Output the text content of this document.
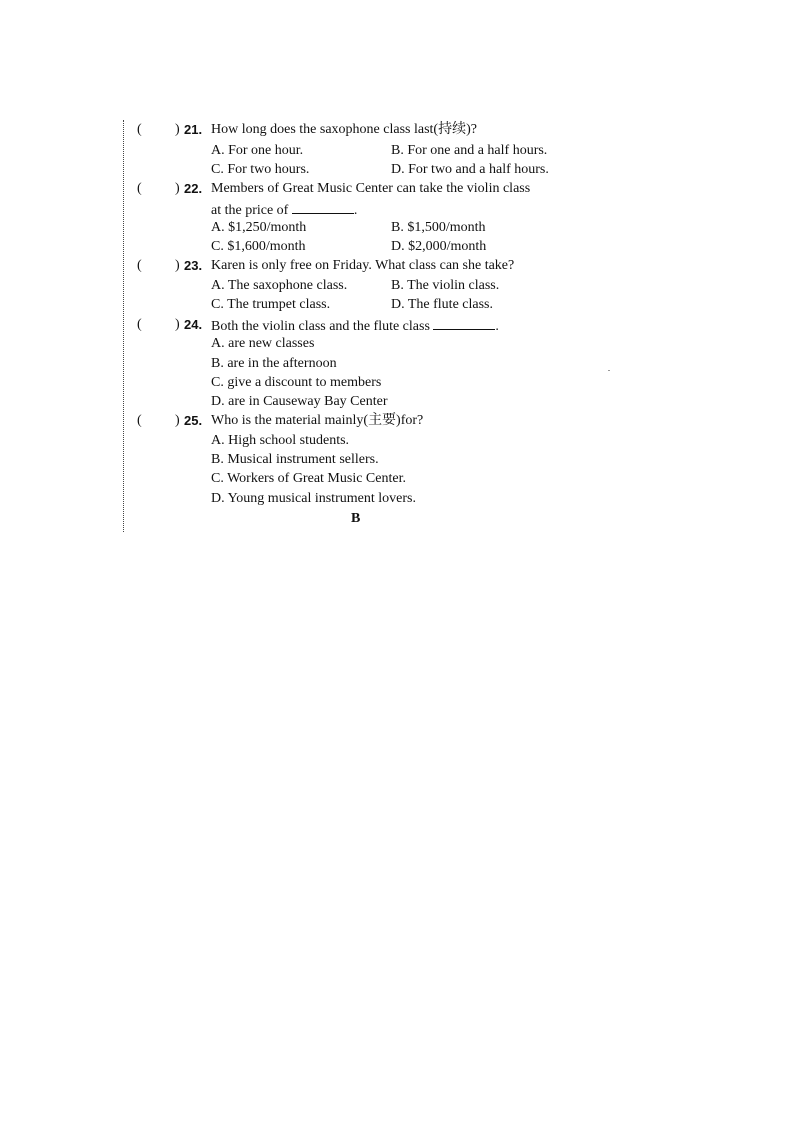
( ) 21. How long does the saxophone class last(持续)?
A. For one hour.	B. For one and a half hours.
C. For two hours.	D. For two and a half hours.
( ) 22. Members of Great Music Center can take the violin class
at the price of	.
A. $1,250/month	B. $1,500/month
C. $1,600/month	D. $2,000/month
( ) 23. Karen is only free on Friday. What class can she take?
A. The saxophone class.	B. The violin class.
C. The trumpet class.	D. The flute class.
( ) 24. Both the violin class and the flute class	.
A. are new classes
B. are in the afternoon
C. give a discount to members
D. are in Causeway Bay Center
( ) 25. Who is the material mainly(主要)for?
A. High school students.
B. Musical instrument sellers.
C. Workers of Great Music Center.
D. Young musical instrument lovers.
B
